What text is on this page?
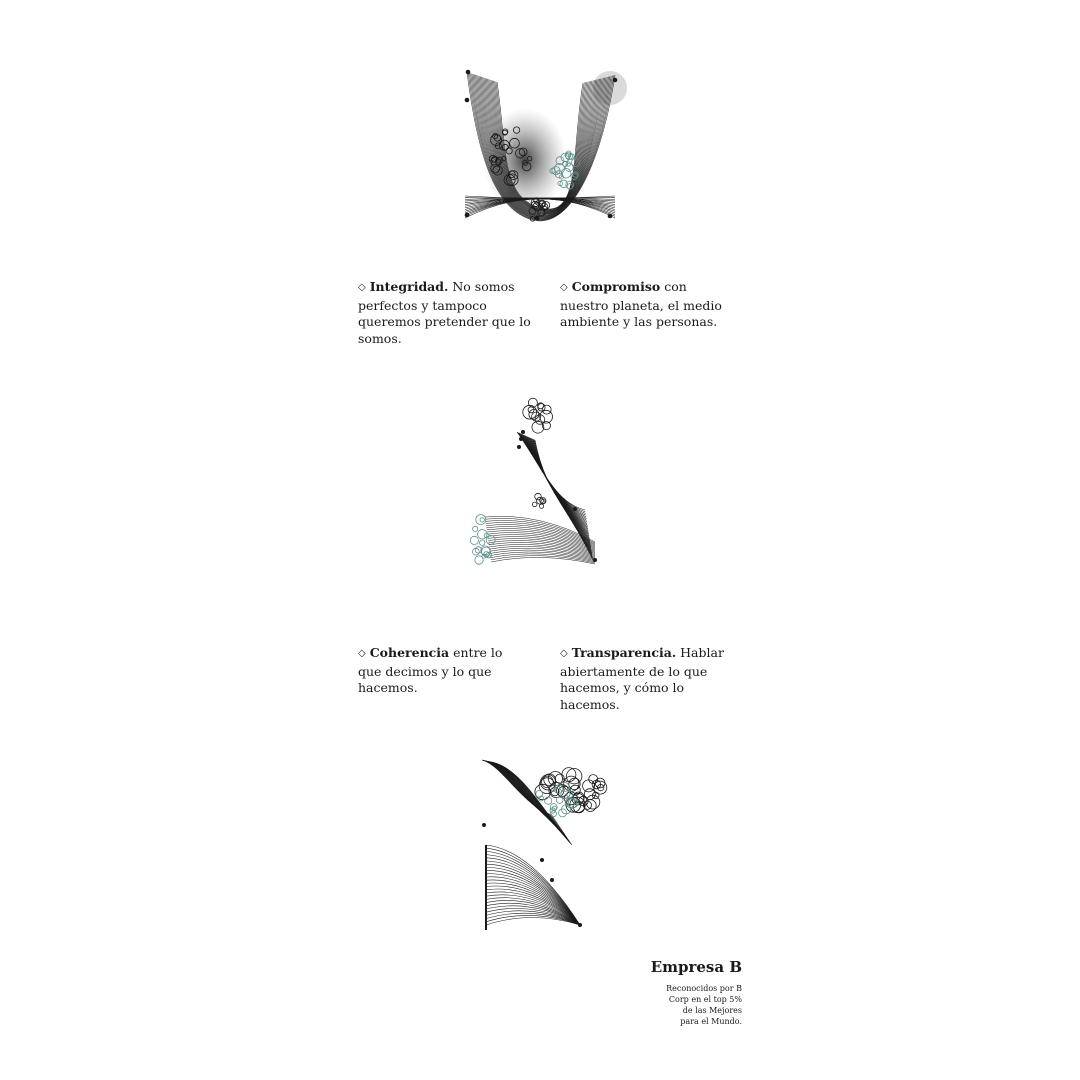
◇ Integridad. No somos perfectos y tampoco queremos pretender que lo somos.
◇ Compromiso con nuestro planeta, el medio ambiente y las personas.
◇ Coherencia entre lo que decimos y lo que hacemos.
◇ Transparencia. Hablar abiertamente de lo que hacemos, y cómo lo hacemos.
Empresa B
Reconocidos por B
Corp en el top 5%
de las Mejores
para el Mundo.
